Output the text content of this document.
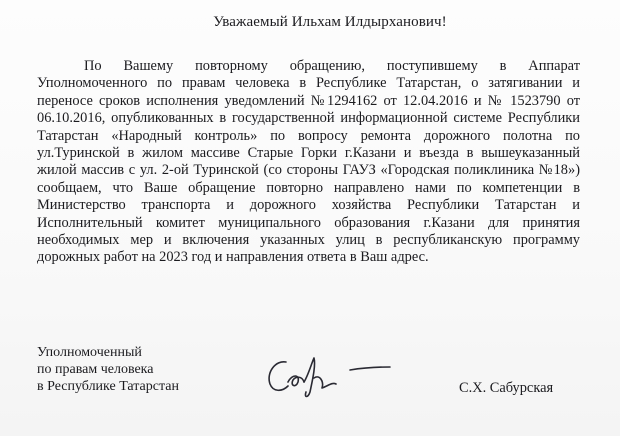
Уважаемый Ильхам Илдырханович!

По Вашему повторному обращению, поступившему в Аппарат Уполномоченного по правам человека в Республике Татарстан, о затягивании и переносе сроков исполнения уведомлений №1294162 от 12.04.2016 и № 1523790 от 06.10.2016, опубликованных в государственной информационной системе Республики Татарстан «Народный контроль» по вопросу ремонта дорожного полотна по ул.Туринской в жилом массиве Старые Горки г.Казани и въезда в вышеуказанный жилой массив с ул. 2-ой Туринской (со стороны ГАУЗ «Городская поликлиника №18») сообщаем, что Ваше обращение повторно направлено нами по компетенции в Министерство транспорта и дорожного хозяйства Республики Татарстан и Исполнительный комитет муниципального образования г.Казани для принятия необходимых мер и включения указанных улиц в республиканскую программу дорожных работ на 2023 год и направления ответа в Ваш адрес.

Уполномоченный
по правам человека
в Республике Татарстан	С.Х. Сабурская
